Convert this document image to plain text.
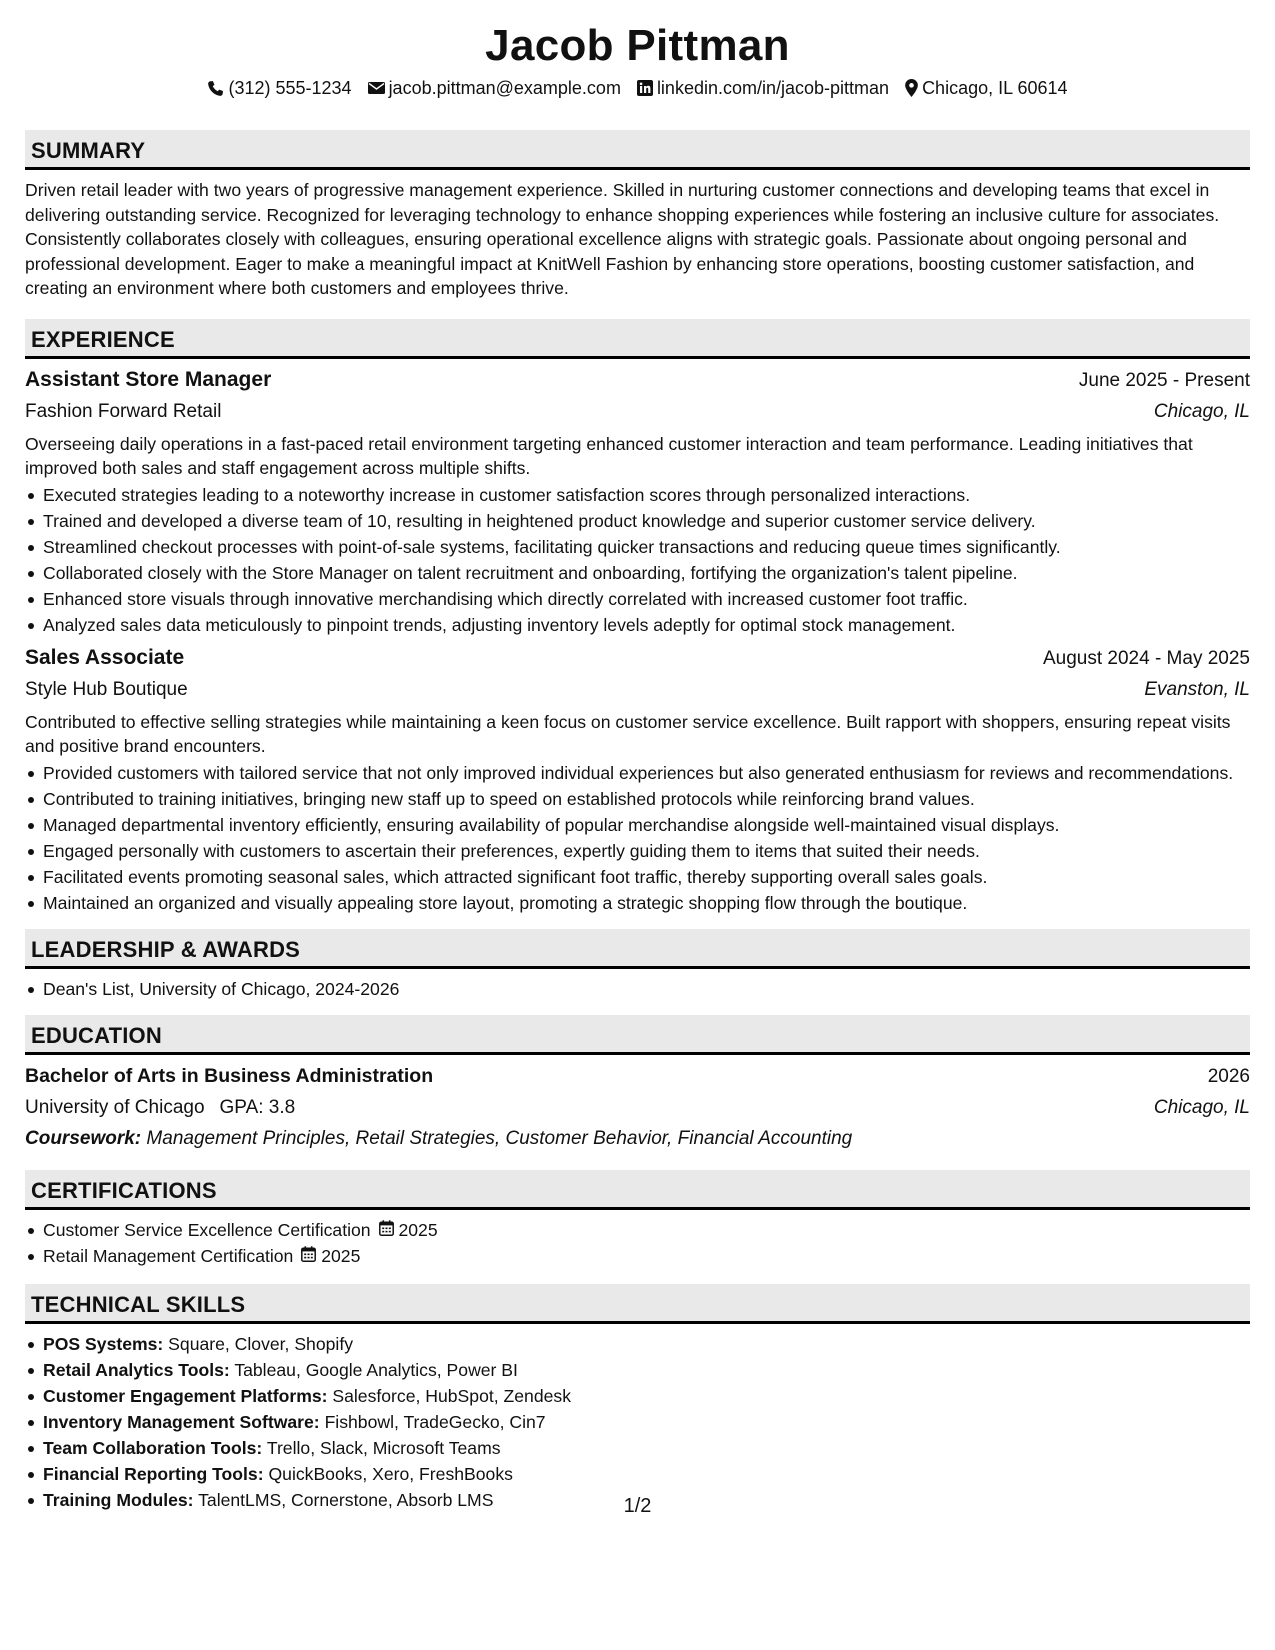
Jacob Pittman
(312) 555-1234 jacob.pittman@example.com linkedin.com/in/jacob-pittman Chicago, IL 60614
SUMMARY
Driven retail leader with two years of progressive management experience. Skilled in nurturing customer connections and developing teams that excel in delivering outstanding service. Recognized for leveraging technology to enhance shopping experiences while fostering an inclusive culture for associates. Consistently collaborates closely with colleagues, ensuring operational excellence aligns with strategic goals. Passionate about ongoing personal and professional development. Eager to make a meaningful impact at KnitWell Fashion by enhancing store operations, boosting customer satisfaction, and creating an environment where both customers and employees thrive.
EXPERIENCE
Assistant Store Manager	June 2025 - Present
Fashion Forward Retail	Chicago, IL
Overseeing daily operations in a fast-paced retail environment targeting enhanced customer interaction and team performance. Leading initiatives that improved both sales and staff engagement across multiple shifts.
Executed strategies leading to a noteworthy increase in customer satisfaction scores through personalized interactions.
Trained and developed a diverse team of 10, resulting in heightened product knowledge and superior customer service delivery.
Streamlined checkout processes with point-of-sale systems, facilitating quicker transactions and reducing queue times significantly.
Collaborated closely with the Store Manager on talent recruitment and onboarding, fortifying the organization's talent pipeline.
Enhanced store visuals through innovative merchandising which directly correlated with increased customer foot traffic.
Analyzed sales data meticulously to pinpoint trends, adjusting inventory levels adeptly for optimal stock management.
Sales Associate	August 2024 - May 2025
Style Hub Boutique	Evanston, IL
Contributed to effective selling strategies while maintaining a keen focus on customer service excellence. Built rapport with shoppers, ensuring repeat visits and positive brand encounters.
Provided customers with tailored service that not only improved individual experiences but also generated enthusiasm for reviews and recommendations.
Contributed to training initiatives, bringing new staff up to speed on established protocols while reinforcing brand values.
Managed departmental inventory efficiently, ensuring availability of popular merchandise alongside well-maintained visual displays.
Engaged personally with customers to ascertain their preferences, expertly guiding them to items that suited their needs.
Facilitated events promoting seasonal sales, which attracted significant foot traffic, thereby supporting overall sales goals.
Maintained an organized and visually appealing store layout, promoting a strategic shopping flow through the boutique.
LEADERSHIP & AWARDS
Dean's List, University of Chicago, 2024-2026
EDUCATION
Bachelor of Arts in Business Administration	2026
University of Chicago GPA: 3.8	Chicago, IL
Coursework: Management Principles, Retail Strategies, Customer Behavior, Financial Accounting
CERTIFICATIONS
Customer Service Excellence Certification 2025
Retail Management Certification 2025
TECHNICAL SKILLS
POS Systems: Square, Clover, Shopify
Retail Analytics Tools: Tableau, Google Analytics, Power BI
Customer Engagement Platforms: Salesforce, HubSpot, Zendesk
Inventory Management Software: Fishbowl, TradeGecko, Cin7
Team Collaboration Tools: Trello, Slack, Microsoft Teams
Financial Reporting Tools: QuickBooks, Xero, FreshBooks
Training Modules: TalentLMS, Cornerstone, Absorb LMS	1/2
